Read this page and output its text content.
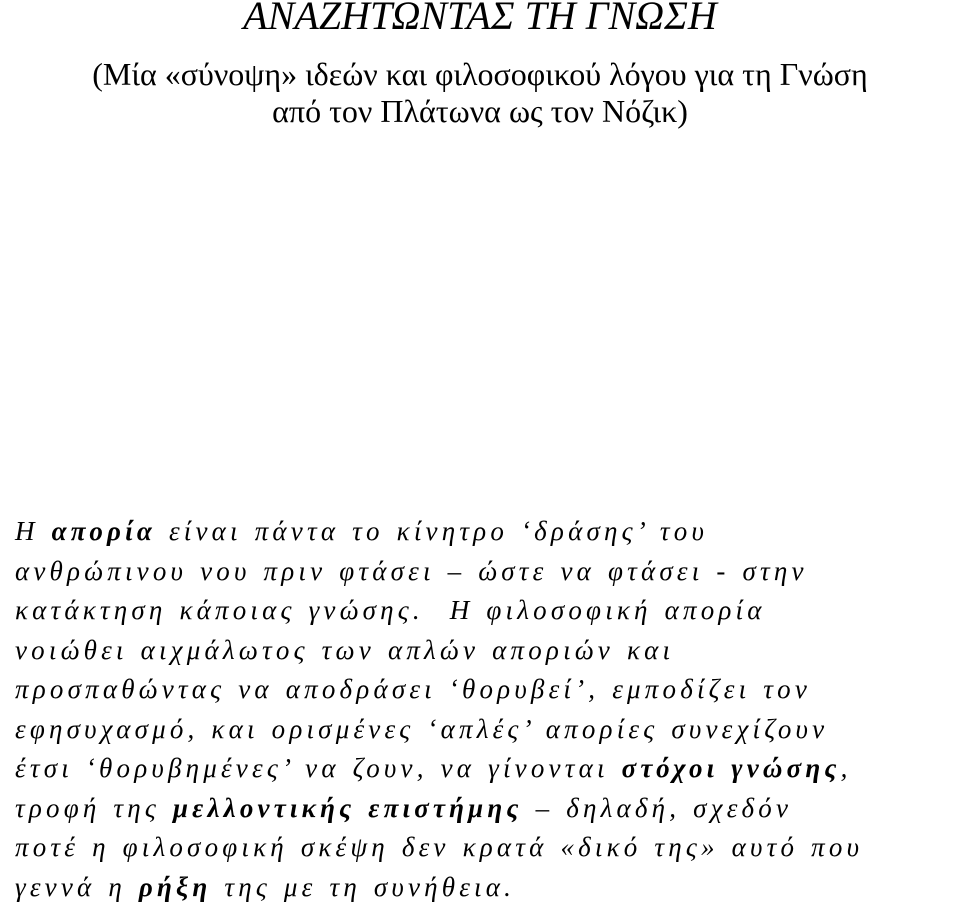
ΑΝΑΖΗΤΩΝΤΑΣ ΤΗ ΓΝΩΣΗ
(Μία «σύνοψη» ιδεών και φιλοσοφικού λόγου για τη Γνώση
από τον Πλάτωνα ως τον Νόζικ)
Η απορία είναι πάντα το κίνητρο ‘δράσης’ του
ανθρώπινου νου πριν φτάσει – ώστε να φτάσει - στην
κατάκτηση κάποιας γνώσης.  Η φιλοσοφική απορία
νοιώθει αιχμάλωτος των απλών αποριών και
προσπαθώντας να αποδράσει ‘θορυβεί’, εμποδίζει τον
εφησυχασμό, και ορισμένες ‘απλές’ απορίες συνεχίζουν
έτσι ‘θορυβημένες’ να ζουν, να γίνονται στόχοι γνώσης,
τροφή της μελλοντικής επιστήμης – δηλαδή, σχεδόν
ποτέ η φιλοσοφική σκέψη δεν κρατά «δικό της» αυτό που
γεννά η ρήξη της με τη συνήθεια.
